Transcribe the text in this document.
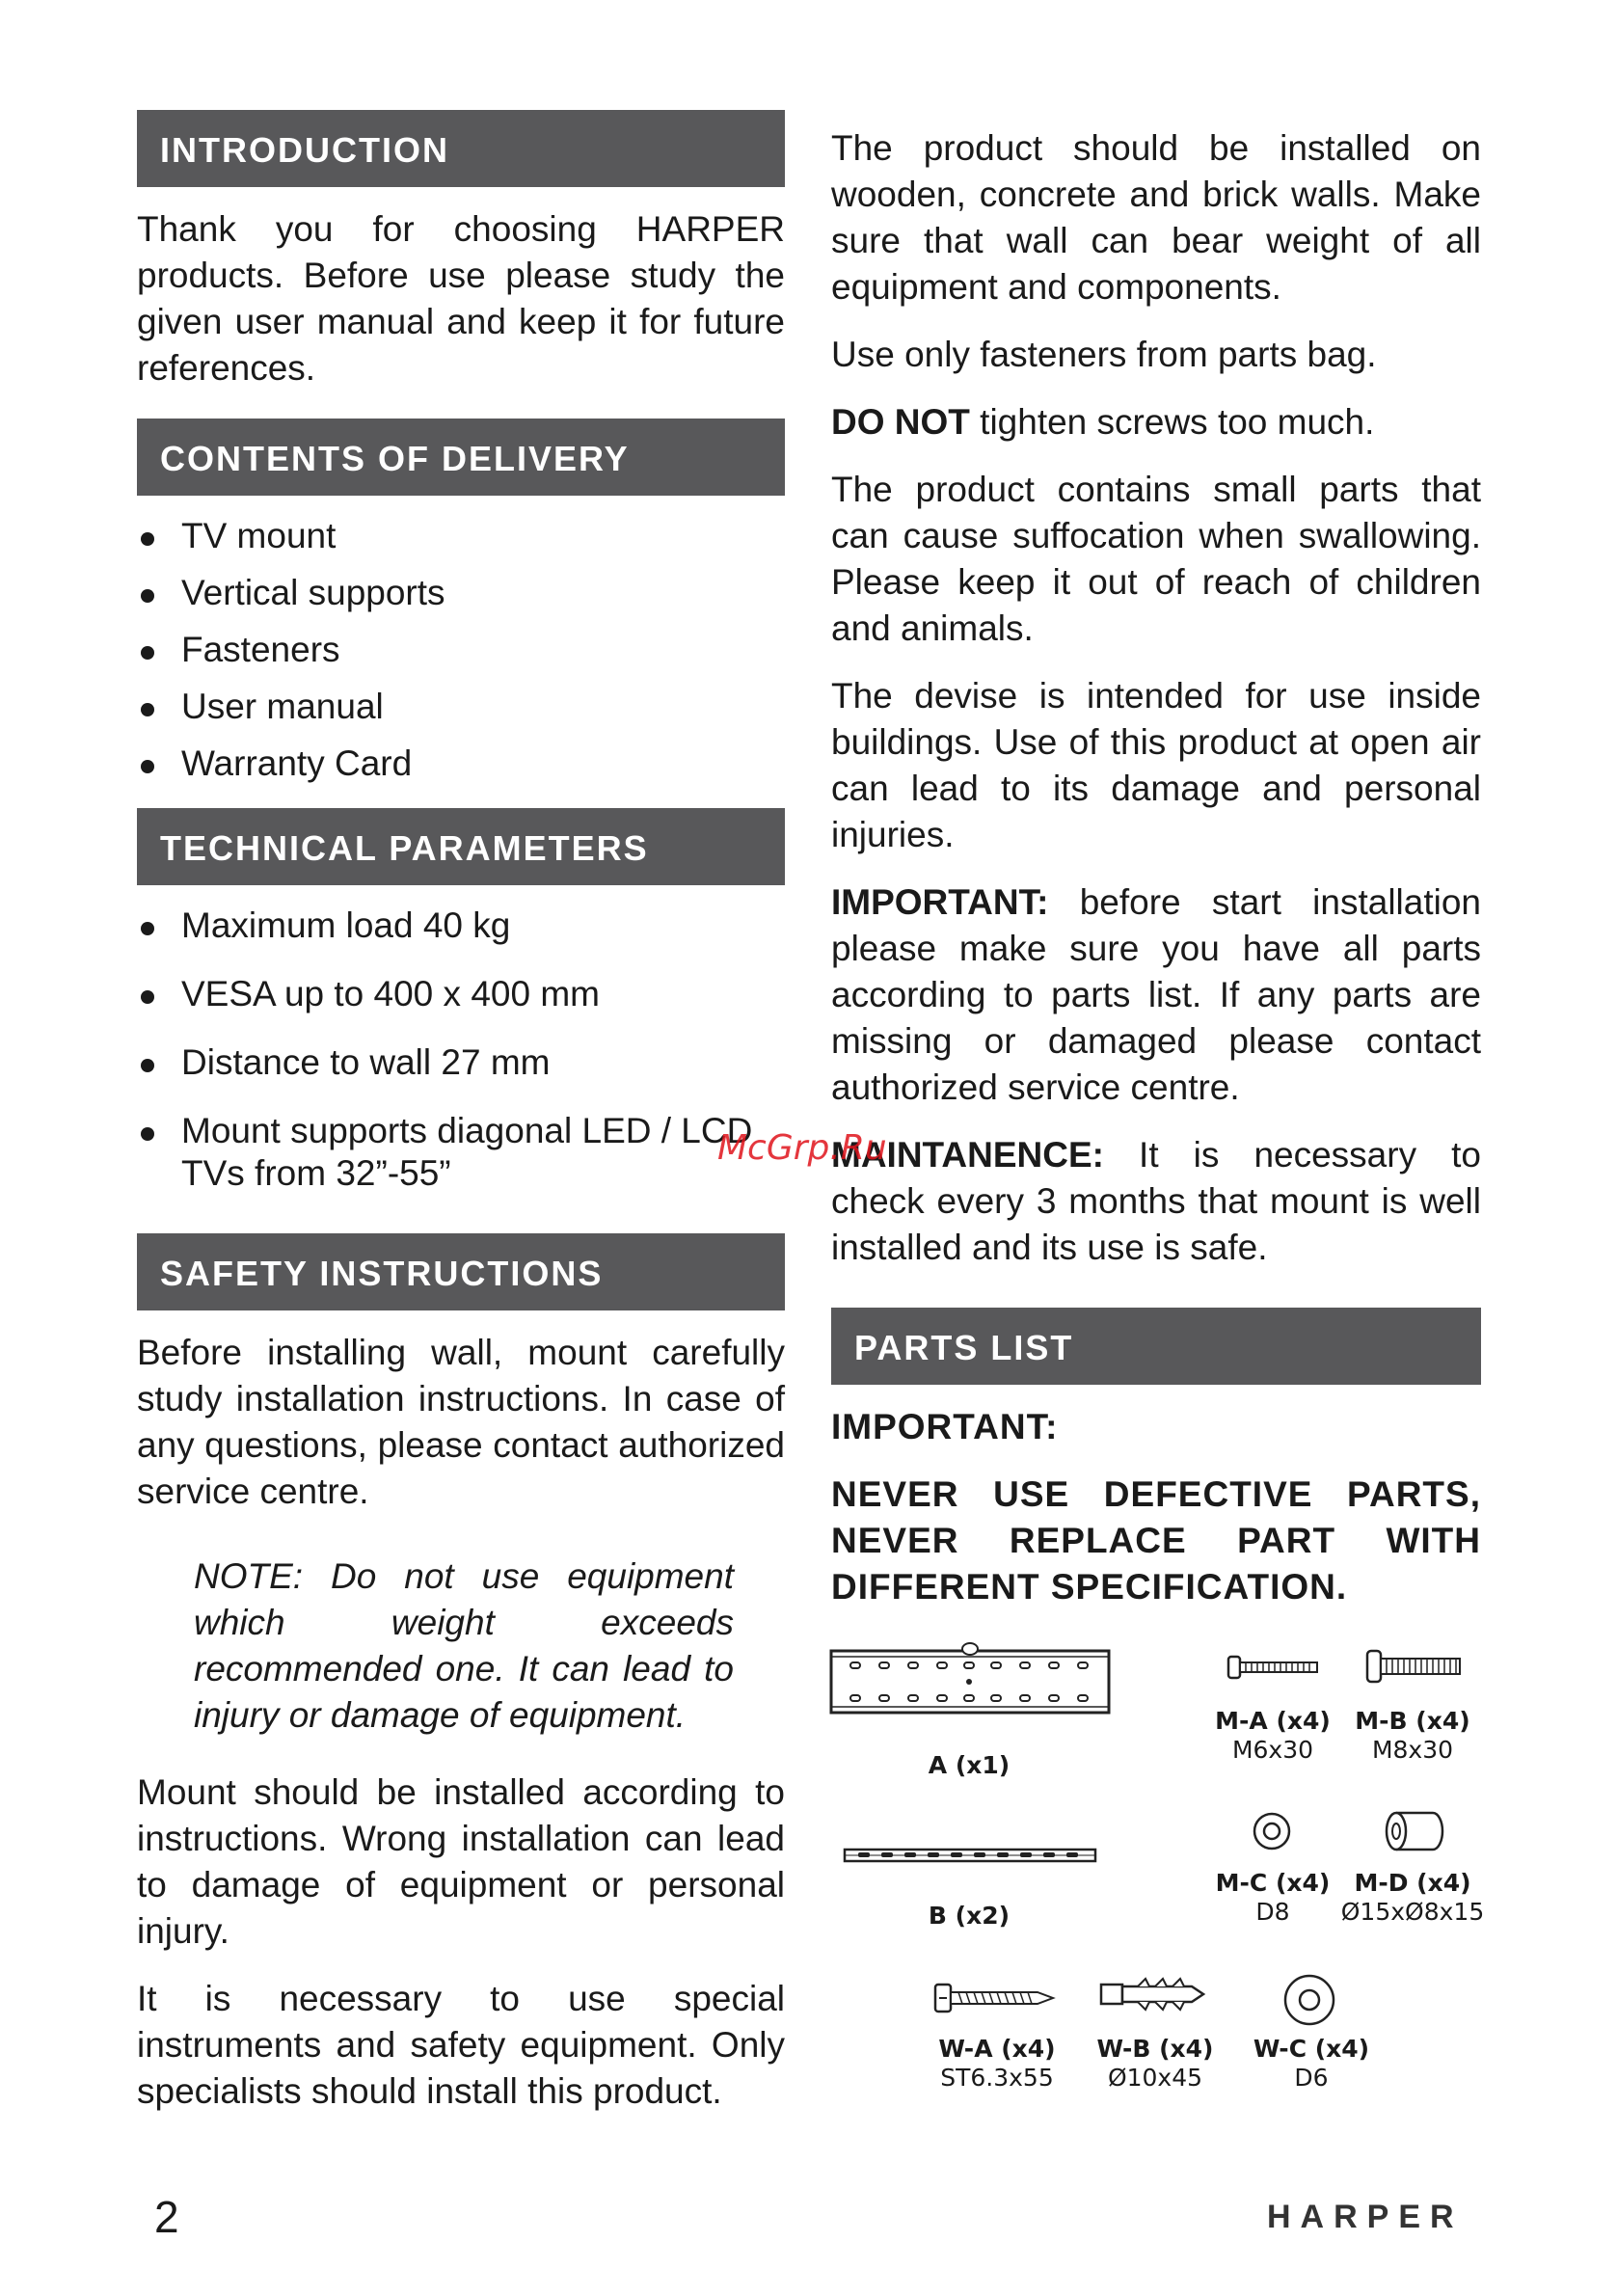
INTRODUCTION

Thank you for choosing HARPER products. Before use please study the given user manual and keep it for future references.

CONTENTS OF DELIVERY
TV mount
Vertical supports
Fasteners
User manual
Warranty Card
TECHNICAL PARAMETERS
Maximum load 40 kg
VESA up to 400 x 400 mm
Distance to wall 27 mm
Mount supports diagonal LED / LCD TVs from 32”-55”
SAFETY INSTRUCTIONS

Before installing wall, mount carefully study installation instructions. In case of any questions, please contact authorized service centre.

NOTE: Do not use equipment which weight exceeds recommended one. It can lead to injury or damage of equipment.

Mount should be installed according to instructions. Wrong installation can lead to damage of equipment or personal injury.

It is necessary to use special instruments and safety equipment. Only specialists should install this product.

The product should be installed on wooden, concrete and brick walls. Make sure that wall can bear weight of all equipment and components.

Use only fasteners from parts bag.

DO NOT tighten screws too much.

The product contains small parts that can cause suffocation when swallowing. Please keep it out of reach of children and animals.

The devise is intended for use inside buildings. Use of this product at open air can lead to its damage and personal injuries.

IMPORTANT: before start installation please make sure you have all parts according to parts list. If any parts are missing or damaged please contact authorized service centre.

MAINTANENCE: It is necessary to check every 3 months that mount is well installed and its use is safe.

PARTS LIST

IMPORTANT:

NEVER USE DEFECTIVE PARTS, NEVER REPLACE PART WITH DIFFERENT SPECIFICATION.

A (x1)
B (x2)
M-A (x4)
M6x30
M-B (x4)
M8x30
M-C (x4)
D8
M-D (x4)
Ø15xØ8x15
W-A (x4)
ST6.3x55
W-B (x4)
Ø10x45
W-C (x4)
D6
McGrp.Ru
2	HARPER
